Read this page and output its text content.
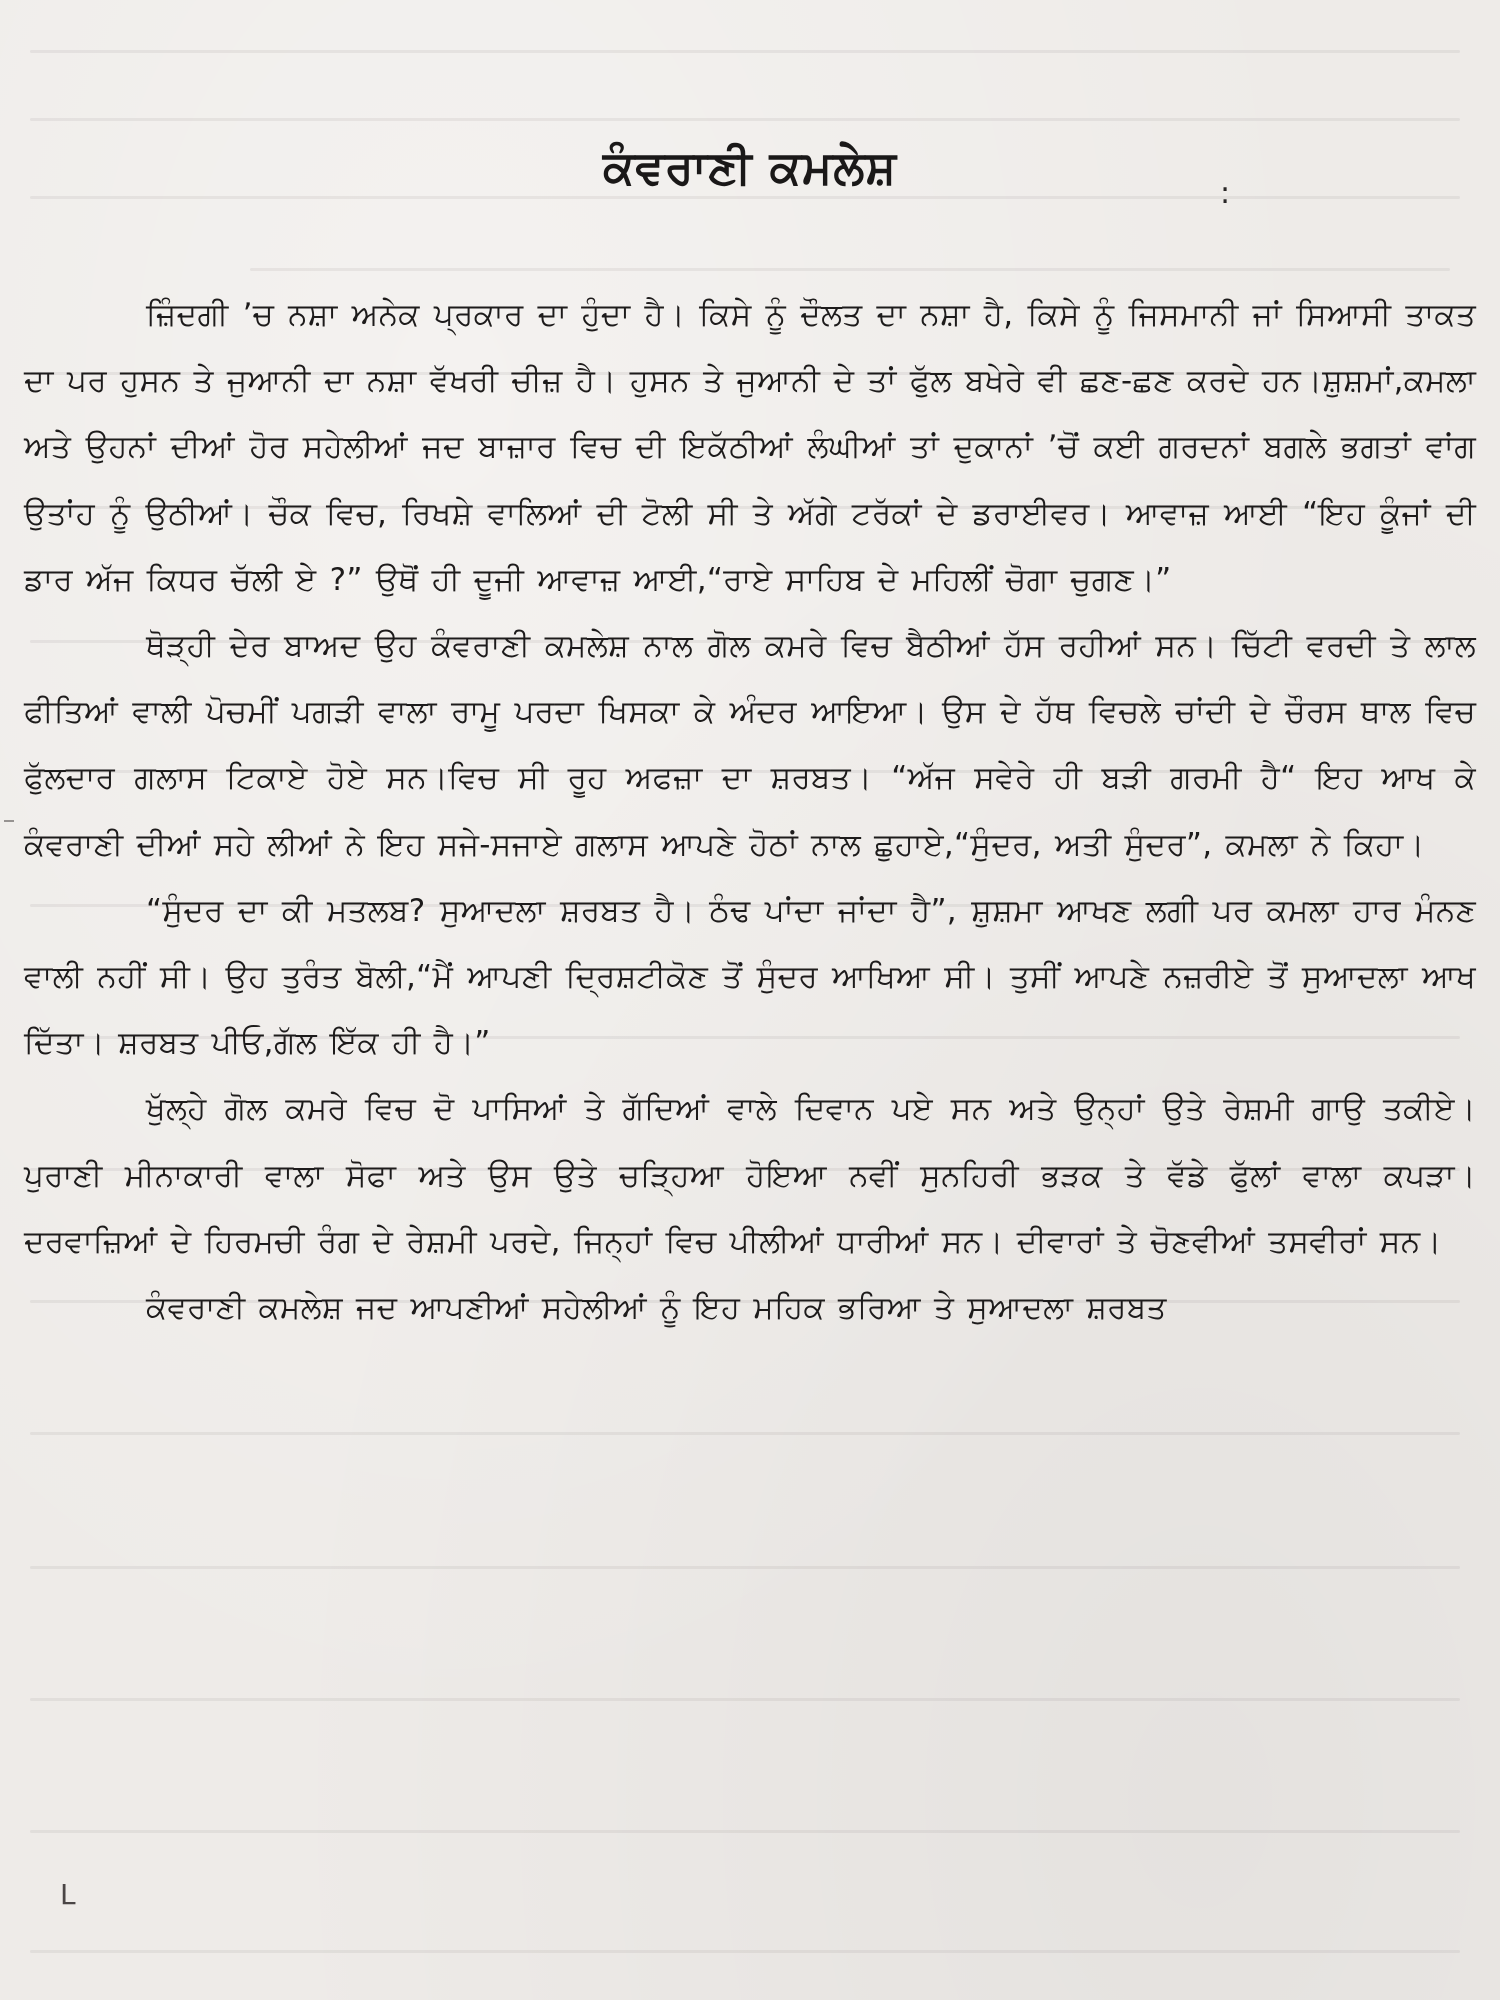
ਕੰਵਰਾਣੀ ਕਮਲੇਸ਼	:

ਜ਼ਿੰਦਗੀ ’ਚ ਨਸ਼ਾ ਅਨੇਕ ਪ੍ਰਕਾਰ ਦਾ ਹੁੰਦਾ ਹੈ। ਕਿਸੇ ਨੂੰ ਦੌਲਤ ਦਾ ਨਸ਼ਾ ਹੈ, ਕਿਸੇ ਨੂੰ ਜਿਸਮਾਨੀ ਜਾਂ ਸਿਆਸੀ ਤਾਕਤ ਦਾ ਪਰ ਹੁਸਨ ਤੇ ਜੁਆਨੀ ਦਾ ਨਸ਼ਾ ਵੱਖਰੀ ਚੀਜ਼ ਹੈ। ਹੁਸਨ ਤੇ ਜੁਆਨੀ ਦੇ ਤਾਂ ਫੁੱਲ ਬਖੇਰੇ ਵੀ ਛਣ-ਛਣ ਕਰਦੇ ਹਨ।ਸ਼ੁਸ਼ਮਾਂ,ਕਮਲਾ ਅਤੇ ਉਹਨਾਂ ਦੀਆਂ ਹੋਰ ਸਹੇਲੀਆਂ ਜਦ ਬਾਜ਼ਾਰ ਵਿਚ ਦੀ ਇਕੱਠੀਆਂ ਲੰਘੀਆਂ ਤਾਂ ਦੁਕਾਨਾਂ ’ਚੋਂ ਕਈ ਗਰਦਨਾਂ ਬਗਲੇ ਭਗਤਾਂ ਵਾਂਗ ਉਤਾਂਹ ਨੂੰ ਉਠੀਆਂ। ਚੌਕ ਵਿਚ, ਰਿਖਸ਼ੇ ਵਾਲਿਆਂ ਦੀ ਟੋਲੀ ਸੀ ਤੇ ਅੱਗੇ ਟਰੱਕਾਂ ਦੇ ਡਰਾਈਵਰ। ਆਵਾਜ਼ ਆਈ “ਇਹ ਕੂੰਜਾਂ ਦੀ ਡਾਰ ਅੱਜ ਕਿਧਰ ਚੱਲੀ ਏ ?” ਉਥੋਂ ਹੀ ਦੂਜੀ ਆਵਾਜ਼ ਆਈ,“ਰਾਏ ਸਾਹਿਬ ਦੇ ਮਹਿਲੀਂ ਚੋਗਾ ਚੁਗਣ।”

ਥੋੜ੍ਹੀ ਦੇਰ ਬਾਅਦ ਉਹ ਕੰਵਰਾਣੀ ਕਮਲੇਸ਼ ਨਾਲ ਗੋਲ ਕਮਰੇ ਵਿਚ ਬੈਠੀਆਂ ਹੱਸ ਰਹੀਆਂ ਸਨ। ਚਿੱਟੀ ਵਰਦੀ ਤੇ ਲਾਲ ਫੀਤਿਆਂ ਵਾਲੀ ਪੋਚਮੀਂ ਪਗੜੀ ਵਾਲਾ ਰਾਮੂ ਪਰਦਾ ਖਿਸਕਾ ਕੇ ਅੰਦਰ ਆਇਆ। ਉਸ ਦੇ ਹੱਥ ਵਿਚਲੇ ਚਾਂਦੀ ਦੇ ਚੌਰਸ ਥਾਲ ਵਿਚ ਫੁੱਲਦਾਰ ਗਲਾਸ ਟਿਕਾਏ ਹੋਏ ਸਨ।ਵਿਚ ਸੀ ਰੂਹ ਅਫਜ਼ਾ ਦਾ ਸ਼ਰਬਤ। “ਅੱਜ ਸਵੇਰੇ ਹੀ ਬੜੀ ਗਰਮੀ ਹੈ“ ਇਹ ਆਖ ਕੇ ਕੰਵਰਾਣੀ ਦੀਆਂ ਸਹੇ ਲੀਆਂ ਨੇ ਇਹ ਸਜੇ-ਸਜਾਏ ਗਲਾਸ ਆਪਣੇ ਹੋਠਾਂ ਨਾਲ ਛੁਹਾਏ,“ਸੁੰਦਰ, ਅਤੀ ਸੁੰਦਰ”, ਕਮਲਾ ਨੇ ਕਿਹਾ।

“ਸੁੰਦਰ ਦਾ ਕੀ ਮਤਲਬ? ਸੁਆਦਲਾ ਸ਼ਰਬਤ ਹੈ। ਠੰਢ ਪਾਂਦਾ ਜਾਂਦਾ ਹੈ”, ਸ਼ੁਸ਼ਮਾ ਆਖਣ ਲਗੀ ਪਰ ਕਮਲਾ ਹਾਰ ਮੰਨਣ ਵਾਲੀ ਨਹੀਂ ਸੀ। ਉਹ ਤੁਰੰਤ ਬੋਲੀ,“ਮੈਂ ਆਪਣੀ ਦ੍ਰਿਸ਼ਟੀਕੋਣ ਤੋਂ ਸੁੰਦਰ ਆਖਿਆ ਸੀ। ਤੁਸੀਂ ਆਪਣੇ ਨਜ਼ਰੀਏ ਤੋਂ ਸੁਆਦਲਾ ਆਖ ਦਿੱਤਾ। ਸ਼ਰਬਤ ਪੀਓ,ਗੱਲ ਇੱਕ ਹੀ ਹੈ।”

ਖੁੱਲ੍ਹੇ ਗੋਲ ਕਮਰੇ ਵਿਚ ਦੋ ਪਾਸਿਆਂ ਤੇ ਗੱਦਿਆਂ ਵਾਲੇ ਦਿਵਾਨ ਪਏ ਸਨ ਅਤੇ ਉਨ੍ਹਾਂ ਉਤੇ ਰੇਸ਼ਮੀ ਗਾਉ ਤਕੀਏ। ਪੁਰਾਣੀ ਮੀਨਾਕਾਰੀ ਵਾਲਾ ਸੋਫਾ ਅਤੇ ਉਸ ਉਤੇ ਚੜ੍ਹਿਆ ਹੋਇਆ ਨਵੀਂ ਸੁਨਹਿਰੀ ਭੜਕ ਤੇ ਵੱਡੇ ਫੁੱਲਾਂ ਵਾਲਾ ਕਪੜਾ। ਦਰਵਾਜ਼ਿਆਂ ਦੇ ਹਿਰਮਚੀ ਰੰਗ ਦੇ ਰੇਸ਼ਮੀ ਪਰਦੇ, ਜਿਨ੍ਹਾਂ ਵਿਚ ਪੀਲੀਆਂ ਧਾਰੀਆਂ ਸਨ। ਦੀਵਾਰਾਂ ਤੇ ਚੋਣਵੀਆਂ ਤਸਵੀਰਾਂ ਸਨ।

ਕੰਵਰਾਣੀ ਕਮਲੇਸ਼ ਜਦ ਆਪਣੀਆਂ ਸਹੇਲੀਆਂ ਨੂੰ ਇਹ ਮਹਿਕ ਭਰਿਆ ਤੇ ਸੁਆਦਲਾ ਸ਼ਰਬਤ

L
